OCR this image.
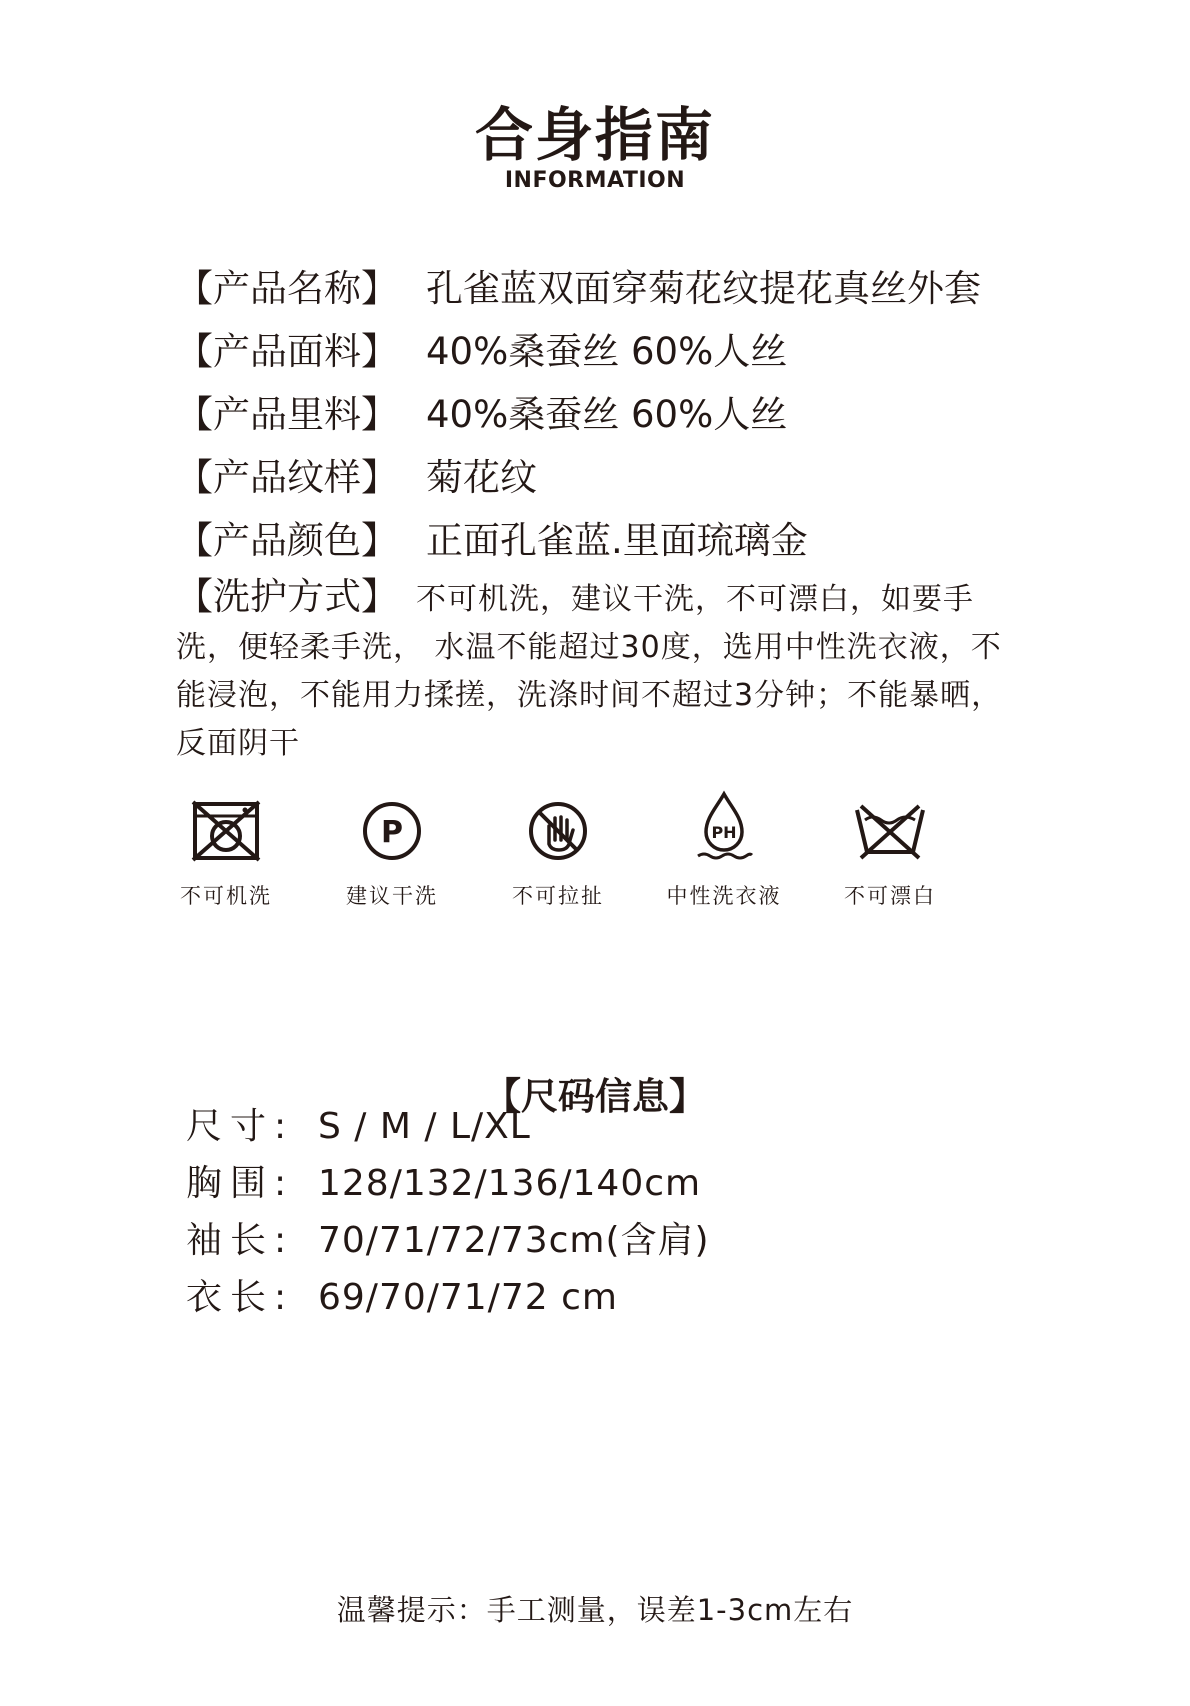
合身指南
INFORMATION
【产品名称】 孔雀蓝双面穿菊花纹提花真丝外套
【产品面料】 40%桑蚕丝 60%人丝
【产品里料】 40%桑蚕丝 60%人丝
【产品纹样】 菊花纹
【产品颜色】 正面孔雀蓝.里面琉璃金
【洗护方式】 不可机洗，建议干洗，不可漂白，如要手洗，便轻柔手洗， 水温不能超过30度，选用中性洗衣液，不能浸泡，不能用力揉搓，洗涤时间不超过3分钟；不能暴晒，反面阴干
不可机洗
P
建议干洗	不可拉扯
PH
中性洗衣液	不可漂白
【尺码信息】
尺寸: S / M / L/XL
胸围: 128/132/136/140cm
袖长: 70/71/72/73cm(含肩)
衣长: 69/70/71/72 cm
温馨提示：手工测量，误差1-3cm左右
